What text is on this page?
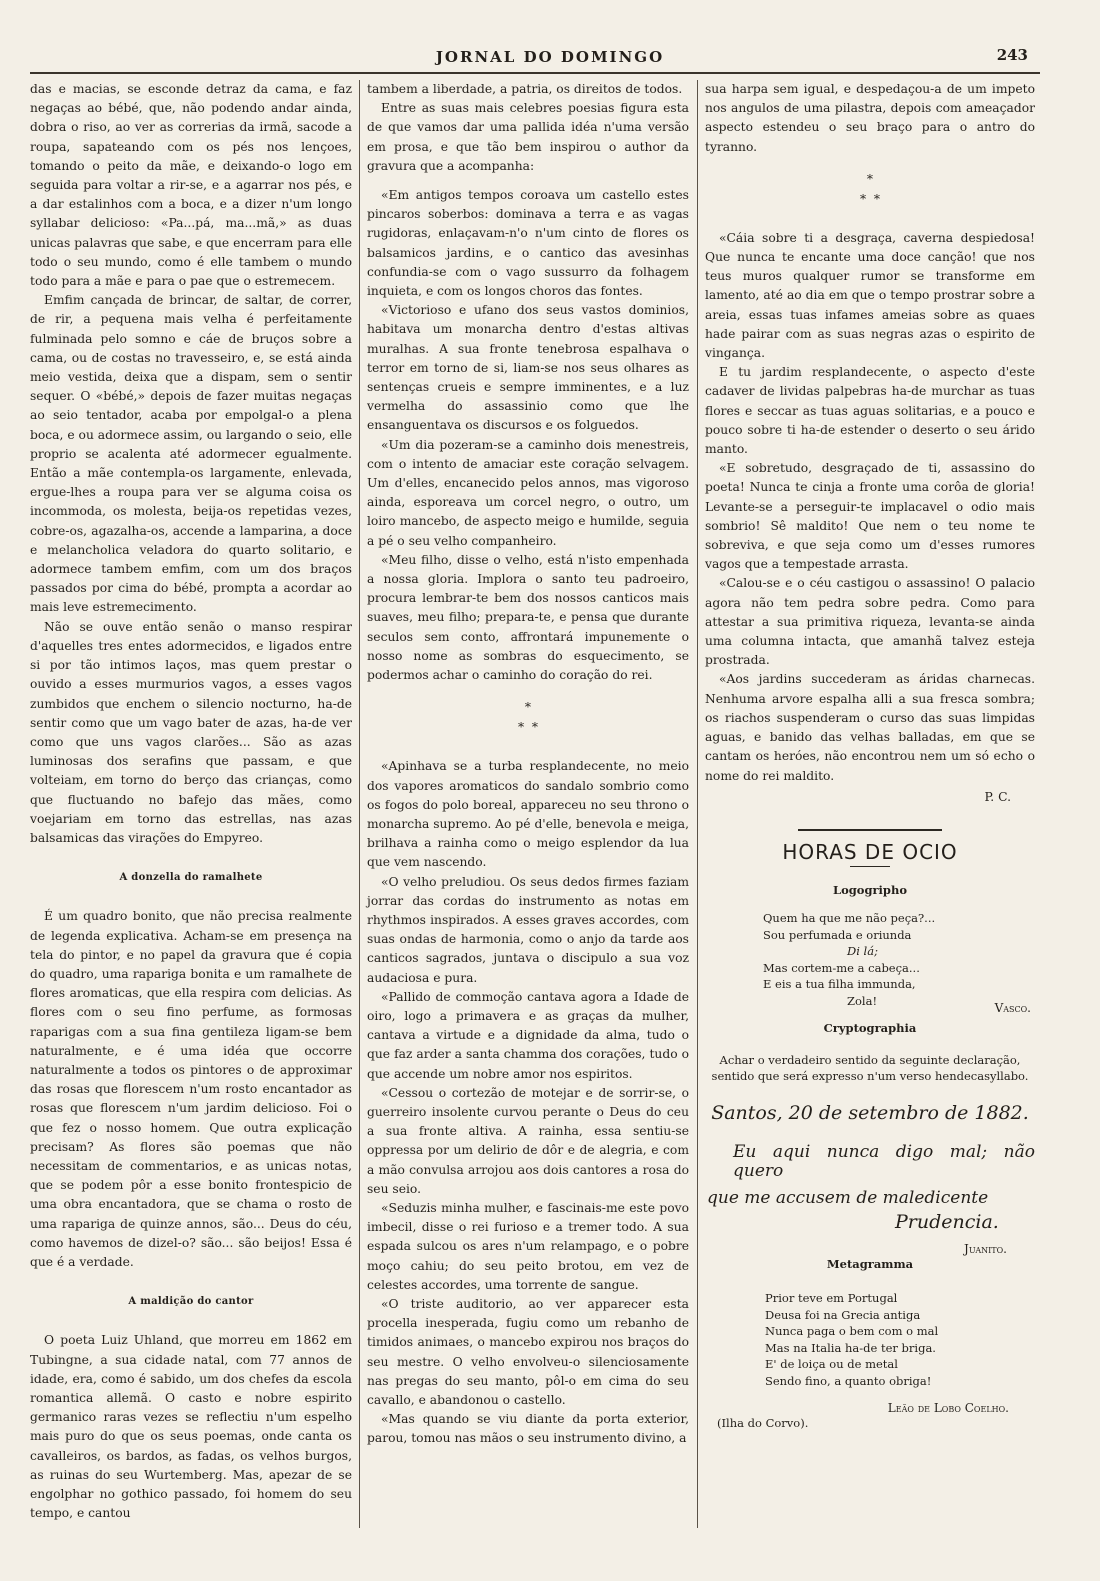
JORNAL DO DOMINGO	243

das e macias, se esconde detraz da cama, e faz negaças ao bébé, que, não podendo andar ainda, dobra o riso, ao ver as correrias da irmã, sacode a roupa, sapateando com os pés nos lençoes, tomando o peito da mãe, e deixando-o logo em seguida para voltar a rir-se, e a agarrar nos pés, e a dar estalinhos com a boca, e a dizer n'um longo syllabar delicioso: «Pa...pá, ma...mã,» as duas unicas palavras que sabe, e que encerram para elle todo o seu mundo, como é elle tambem o mundo todo para a mãe e para o pae que o estremecem.

Emfim cançada de brincar, de saltar, de correr, de rir, a pequena mais velha é perfeitamente fulminada pelo somno e cáe de bruços sobre a cama, ou de costas no travesseiro, e, se está ainda meio vestida, deixa que a dispam, sem o sentir sequer. O «bébé,» depois de fazer muitas negaças ao seio tentador, acaba por empolgal-o a plena boca, e ou adormece assim, ou largando o seio, elle proprio se acalenta até adormecer egualmente. Então a mãe contempla-os largamente, enlevada, ergue-lhes a roupa para ver se alguma coisa os incommoda, os molesta, beija-os repetidas vezes, cobre-os, agazalha-os, accende a lamparina, a doce e melancholica veladora do quarto solitario, e adormece tambem emfim, com um dos braços passados por cima do bébé, prompta a acordar ao mais leve estremecimento.

Não se ouve então senão o manso respirar d'aquelles tres entes adormecidos, e ligados entre si por tão intimos laços, mas quem prestar o ouvido a esses murmurios vagos, a esses vagos zumbidos que enchem o silencio nocturno, ha-de sentir como que um vago bater de azas, ha-de ver como que uns vagos clarões... São as azas luminosas dos serafins que passam, e que volteiam, em torno do berço das crianças, como que fluctuando no bafejo das mães, como voejariam em torno das estrellas, nas azas balsamicas das virações do Empyreo.

A donzella do ramalhete

É um quadro bonito, que não precisa realmente de legenda explicativa. Acham-se em presença na tela do pintor, e no papel da gravura que é copia do quadro, uma rapariga bonita e um ramalhete de flores aromaticas, que ella respira com delicias. As flores com o seu fino perfume, as formosas raparigas com a sua fina gentileza ligam-se bem naturalmente, e é uma idéa que occorre naturalmente a todos os pintores o de approximar das rosas que florescem n'um rosto encantador as rosas que florescem n'um jardim delicioso. Foi o que fez o nosso homem. Que outra explicação precisam? As flores são poemas que não necessitam de commentarios, e as unicas notas, que se podem pôr a esse bonito frontespicio de uma obra encantadora, que se chama o rosto de uma rapariga de quinze annos, são... Deus do céu, como havemos de dizel-o? são... são beijos! Essa é que é a verdade.

A maldição do cantor

O poeta Luiz Uhland, que morreu em 1862 em Tubingne, a sua cidade natal, com 77 annos de idade, era, como é sabido, um dos chefes da escola romantica allemã. O casto e nobre espirito germanico raras vezes se reflectiu n'um espelho mais puro do que os seus poemas, onde canta os cavalleiros, os bardos, as fadas, os velhos burgos, as ruinas do seu Wurtemberg. Mas, apezar de se engolphar no gothico passado, foi homem do seu tempo, e cantou

tambem a liberdade, a patria, os direitos de todos.

Entre as suas mais celebres poesias figura esta de que vamos dar uma pallida idéa n'uma versão em prosa, e que tão bem inspirou o author da gravura que a acompanha:

«Em antigos tempos coroava um castello estes pincaros soberbos: dominava a terra e as vagas rugidoras, enlaçavam-n'o n'um cinto de flores os balsamicos jardins, e o cantico das avesinhas confundia-se com o vago sussurro da folhagem inquieta, e com os longos choros das fontes.

«Victorioso e ufano dos seus vastos dominios, habitava um monarcha dentro d'estas altivas muralhas. A sua fronte tenebrosa espalhava o terror em torno de si, liam-se nos seus olhares as sentenças crueis e sempre imminentes, e a luz vermelha do assassinio como que lhe ensanguentava os discursos e os folguedos.

«Um dia pozeram-se a caminho dois menestreis, com o intento de amaciar este coração selvagem. Um d'elles, encanecido pelos annos, mas vigoroso ainda, esporeava um corcel negro, o outro, um loiro mancebo, de aspecto meigo e humilde, seguia a pé o seu velho companheiro.

«Meu filho, disse o velho, está n'isto empenhada a nossa gloria. Implora o santo teu padroeiro, procura lembrar-te bem dos nossos canticos mais suaves, meu filho; prepara-te, e pensa que durante seculos sem conto, affrontará impunemente o nosso nome as sombras do esquecimento, se podermos achar o caminho do coração do rei.

*
*  *

«Apinhava se a turba resplandecente, no meio dos vapores aromaticos do sandalo sombrio como os fogos do polo boreal, appareceu no seu throno o monarcha supremo. Ao pé d'elle, benevola e meiga, brilhava a rainha como o meigo esplendor da lua que vem nascendo.

«O velho preludiou. Os seus dedos firmes faziam jorrar das cordas do instrumento as notas em rhythmos inspirados. A esses graves accordes, com suas ondas de harmonia, como o anjo da tarde aos canticos sagrados, juntava o discipulo a sua voz audaciosa e pura.

«Pallido de commoção cantava agora a Idade de oiro, logo a primavera e as graças da mulher, cantava a virtude e a dignidade da alma, tudo o que faz arder a santa chamma dos corações, tudo o que accende um nobre amor nos espiritos.

«Cessou o cortezão de motejar e de sorrir-se, o guerreiro insolente curvou perante o Deus do ceu a sua fronte altiva. A rainha, essa sentiu-se oppressa por um delirio de dôr e de alegria, e com a mão convulsa arrojou aos dois cantores a rosa do seu seio.

«Seduzis minha mulher, e fascinais-me este povo imbecil, disse o rei furioso e a tremer todo. A sua espada sulcou os ares n'um relampago, e o pobre moço cahiu; do seu peito brotou, em vez de celestes accordes, uma torrente de sangue.

«O triste auditorio, ao ver apparecer esta procella inesperada, fugiu como um rebanho de timidos animaes, o mancebo expirou nos braços do seu mestre. O velho envolveu-o silenciosamente nas pregas do seu manto, pôl-o em cima do seu cavallo, e abandonou o castello.

«Mas quando se viu diante da porta exterior, parou, tomou nas mãos o seu instrumento divino, a

sua harpa sem igual, e despedaçou-a de um impeto nos angulos de uma pilastra, depois com ameaçador aspecto estendeu o seu braço para o antro do tyranno.

*
*  *

«Cáia sobre ti a desgraça, caverna despiedosa! Que nunca te encante uma doce canção! que nos teus muros qualquer rumor se transforme em lamento, até ao dia em que o tempo prostrar sobre a areia, essas tuas infames ameias sobre as quaes hade pairar com as suas negras azas o espirito de vingança.

E tu jardim resplandecente, o aspecto d'este cadaver de lividas palpebras ha-de murchar as tuas flores e seccar as tuas aguas solitarias, e a pouco e pouco sobre ti ha-de estender o deserto o seu árido manto.

«E sobretudo, desgraçado de ti, assassino do poeta! Nunca te cinja a fronte uma corôa de gloria! Levante-se a perseguir-te implacavel o odio mais sombrio! Sê maldito! Que nem o teu nome te sobreviva, e que seja como um d'esses rumores vagos que a tempestade arrasta.

«Calou-se e o céu castigou o assassino! O palacio agora não tem pedra sobre pedra. Como para attestar a sua primitiva riqueza, levanta-se ainda uma columna intacta, que amanhã talvez esteja prostrada.

«Aos jardins succederam as áridas charnecas. Nenhuma arvore espalha alli a sua fresca sombra; os riachos suspenderam o curso das suas limpidas aguas, e banido das velhas balladas, em que se cantam os heróes, não encontrou nem um só echo o nome do rei maldito.

P. C.
HORAS DE OCIO
Logogripho
Quem ha que me não peça?...
Sou perfumada e oriunda
Di lá;
Mas cortem-me a cabeça...
E eis a tua filha immunda,
Zola!
Vasco.
Cryptographia
Achar o verdadeiro sentido da seguinte declaração, sentido que será expresso n'um verso hendecasyllabo.
Santos, 20 de setembro de 1882.
Eu aqui nunca digo mal; não quero
que me accusem de maledicente
Prudencia.
Juanito.
Metagramma
Prior teve em Portugal
Deusa foi na Grecia antiga
Nunca paga o bem com o mal
Mas na Italia ha-de ter briga.
E' de loiça ou de metal
Sendo fino, a quanto obriga!
Leão de Lobo Coelho.
(Ilha do Corvo).
